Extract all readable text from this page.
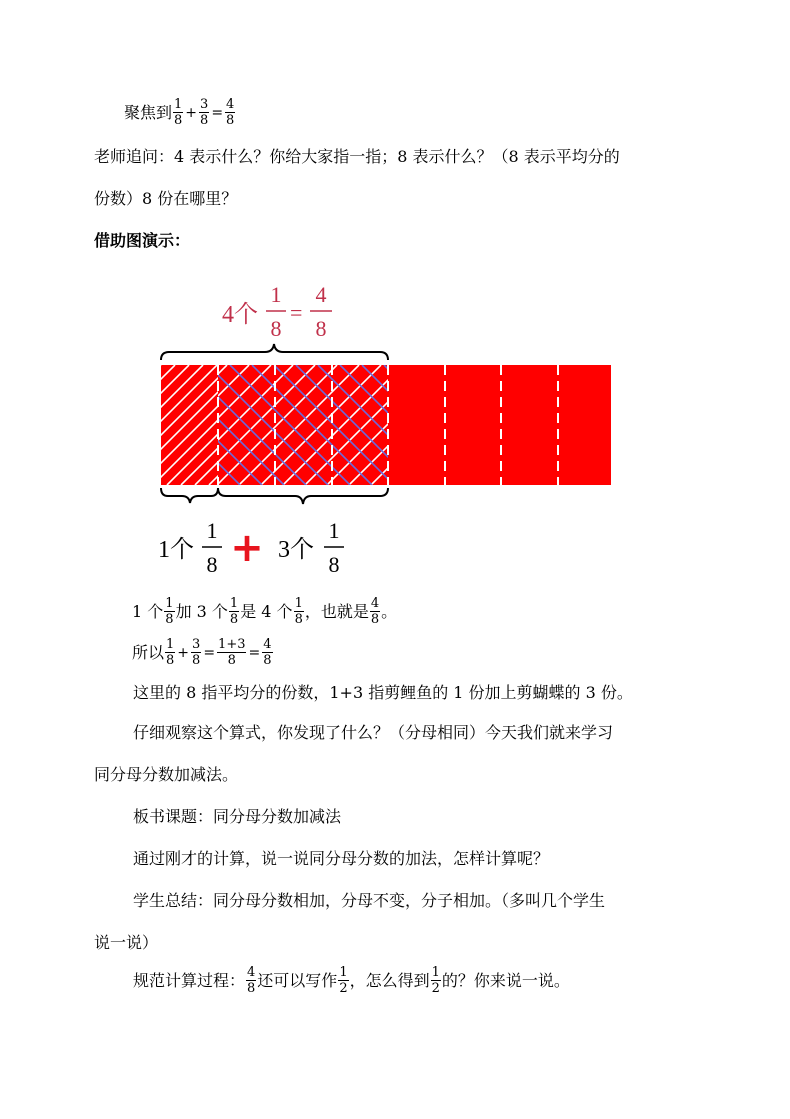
聚焦到 $\frac{1}{8} + \frac{3}{8} = \frac{4}{8}$
老师追问：4 表示什么？你给大家指一指；8 表示什么？（8 表示平均分的
份数）8 份在哪里？
借助图演示：
4个
1
8
=
4
8
1个
1
8 + 3个
1
8
1 个 $\frac{1}{8}$ 加 3 个 $\frac{1}{8}$ 是 4 个 $\frac{1}{8}$ ，也就是 $\frac{4}{8}$ 。
所以 $\frac{1}{8} + \frac{3}{8} = \frac{1+3}{8} = \frac{4}{8}$
这里的 8 指平均分的份数，1+3 指剪鲤鱼的 1 份加上剪蝴蝶的 3 份。
仔细观察这个算式，你发现了什么？（分母相同）今天我们就来学习
同分母分数加减法。
板书课题：同分母分数加减法
通过刚才的计算，说一说同分母分数的加法，怎样计算呢？
学生总结：同分母分数相加，分母不变，分子相加。（多叫几个学生
说一说）
规范计算过程： $\frac{4}{8}$ 还可以写作 $\frac{1}{2}$ ，怎么得到 $\frac{1}{2}$ 的？你来说一说。
